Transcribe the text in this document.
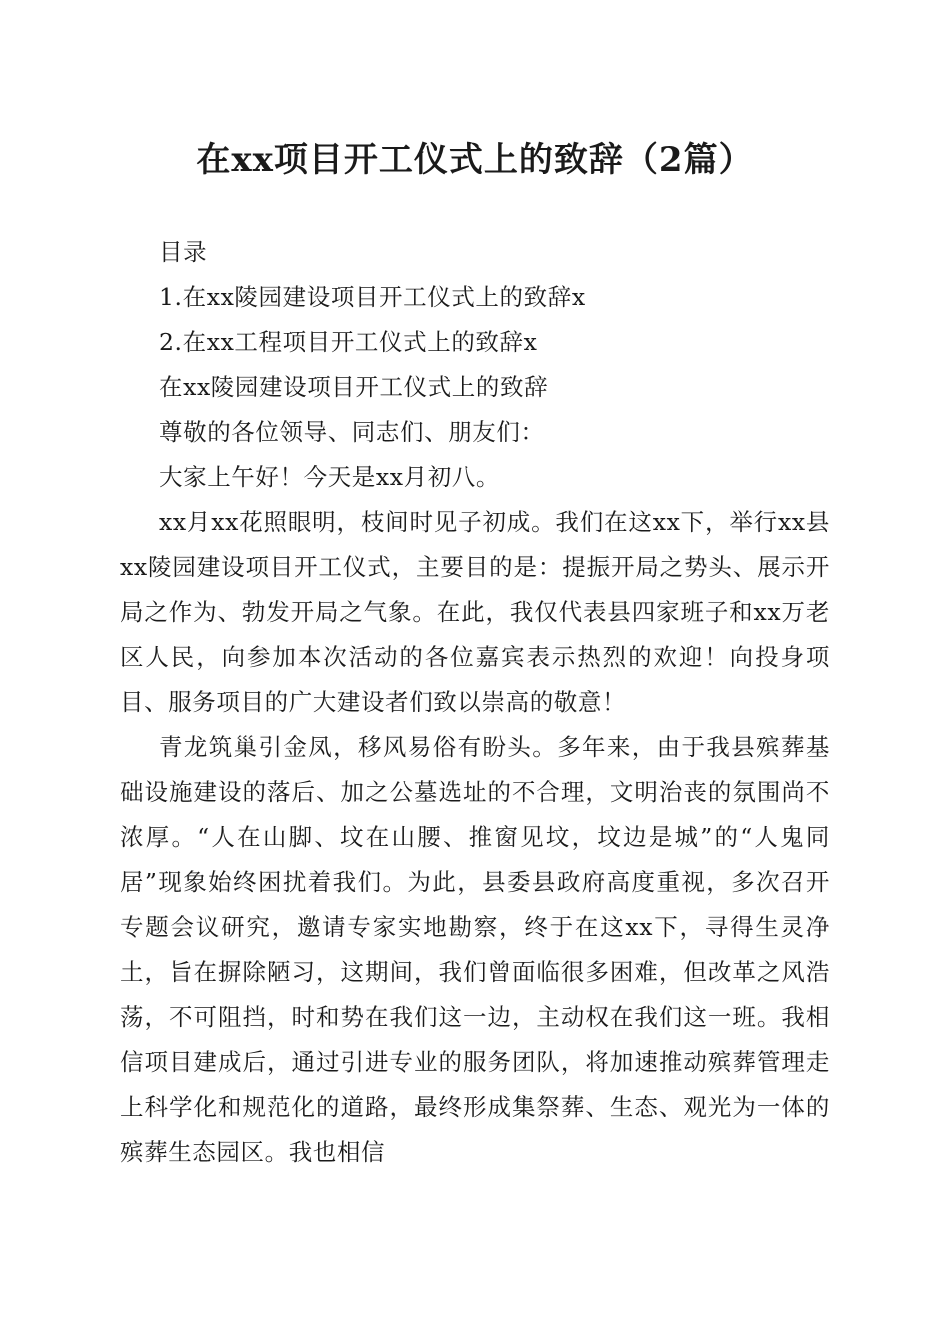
在xx项目开工仪式上的致辞（2篇）

目录

1.在xx陵园建设项目开工仪式上的致辞x

2.在xx工程项目开工仪式上的致辞x

在xx陵园建设项目开工仪式上的致辞

尊敬的各位领导、同志们、朋友们：

大家上午好！今天是xx月初八。

xx月xx花照眼明，枝间时见子初成。我们在这xx下，举行xx县xx陵园建设项目开工仪式，主要目的是：提振开局之势头、展示开局之作为、勃发开局之气象。在此，我仅代表县四家班子和xx万老区人民，向参加本次活动的各位嘉宾表示热烈的欢迎！向投身项目、服务项目的广大建设者们致以崇高的敬意！

青龙筑巢引金凤，移风易俗有盼头。多年来，由于我县殡葬基础设施建设的落后、加之公墓选址的不合理，文明治丧的氛围尚不浓厚。“人在山脚、坟在山腰、推窗见坟，坟边是城”的“人鬼同居”现象始终困扰着我们。为此，县委县政府高度重视，多次召开专题会议研究，邀请专家实地勘察，终于在这xx下，寻得生灵净土，旨在摒除陋习，这期间，我们曾面临很多困难，但改革之风浩荡，不可阻挡，时和势在我们这一边，主动权在我们这一班。我相信项目建成后，通过引进专业的服务团队，将加速推动殡葬管理走上科学化和规范化的道路，最终形成集祭葬、生态、观光为一体的殡葬生态园区。我也相信
